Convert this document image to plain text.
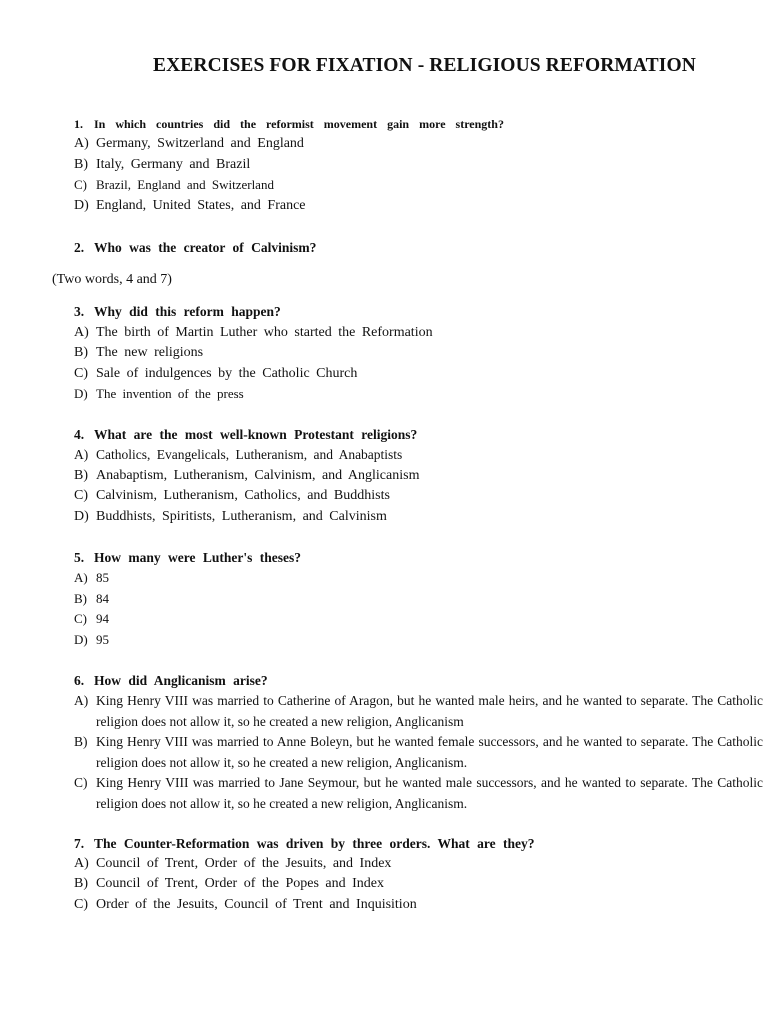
EXERCISES FOR FIXATION - RELIGIOUS REFORMATION
1. In which countries did the reformist movement gain more strength?
A) Germany, Switzerland and England
B) Italy, Germany and Brazil
C) Brazil, England and Switzerland
D) England, United States, and France
2. Who was the creator of Calvinism?
(Two words, 4 and 7)
3. Why did this reform happen?
A) The birth of Martin Luther who started the Reformation
B) The new religions
C) Sale of indulgences by the Catholic Church
D) The invention of the press
4. What are the most well-known Protestant religions?
A) Catholics, Evangelicals, Lutheranism, and Anabaptists
B) Anabaptism, Lutheranism, Calvinism, and Anglicanism
C) Calvinism, Lutheranism, Catholics, and Buddhists
D) Buddhists, Spiritists, Lutheranism, and Calvinism
5. How many were Luther's theses?
A) 85
B) 84
C) 94
D) 95
6. How did Anglicanism arise?
A) King Henry VIII was married to Catherine of Aragon, but he wanted male heirs, and he wanted to separate. The Catholic religion does not allow it, so he created a new religion, Anglicanism
B) King Henry VIII was married to Anne Boleyn, but he wanted female successors, and he wanted to separate. The Catholic religion does not allow it, so he created a new religion, Anglicanism.
C) King Henry VIII was married to Jane Seymour, but he wanted male successors, and he wanted to separate. The Catholic religion does not allow it, so he created a new religion, Anglicanism.
7. The Counter-Reformation was driven by three orders. What are they?
A) Council of Trent, Order of the Jesuits, and Index
B) Council of Trent, Order of the Popes and Index
C) Order of the Jesuits, Council of Trent and Inquisition
